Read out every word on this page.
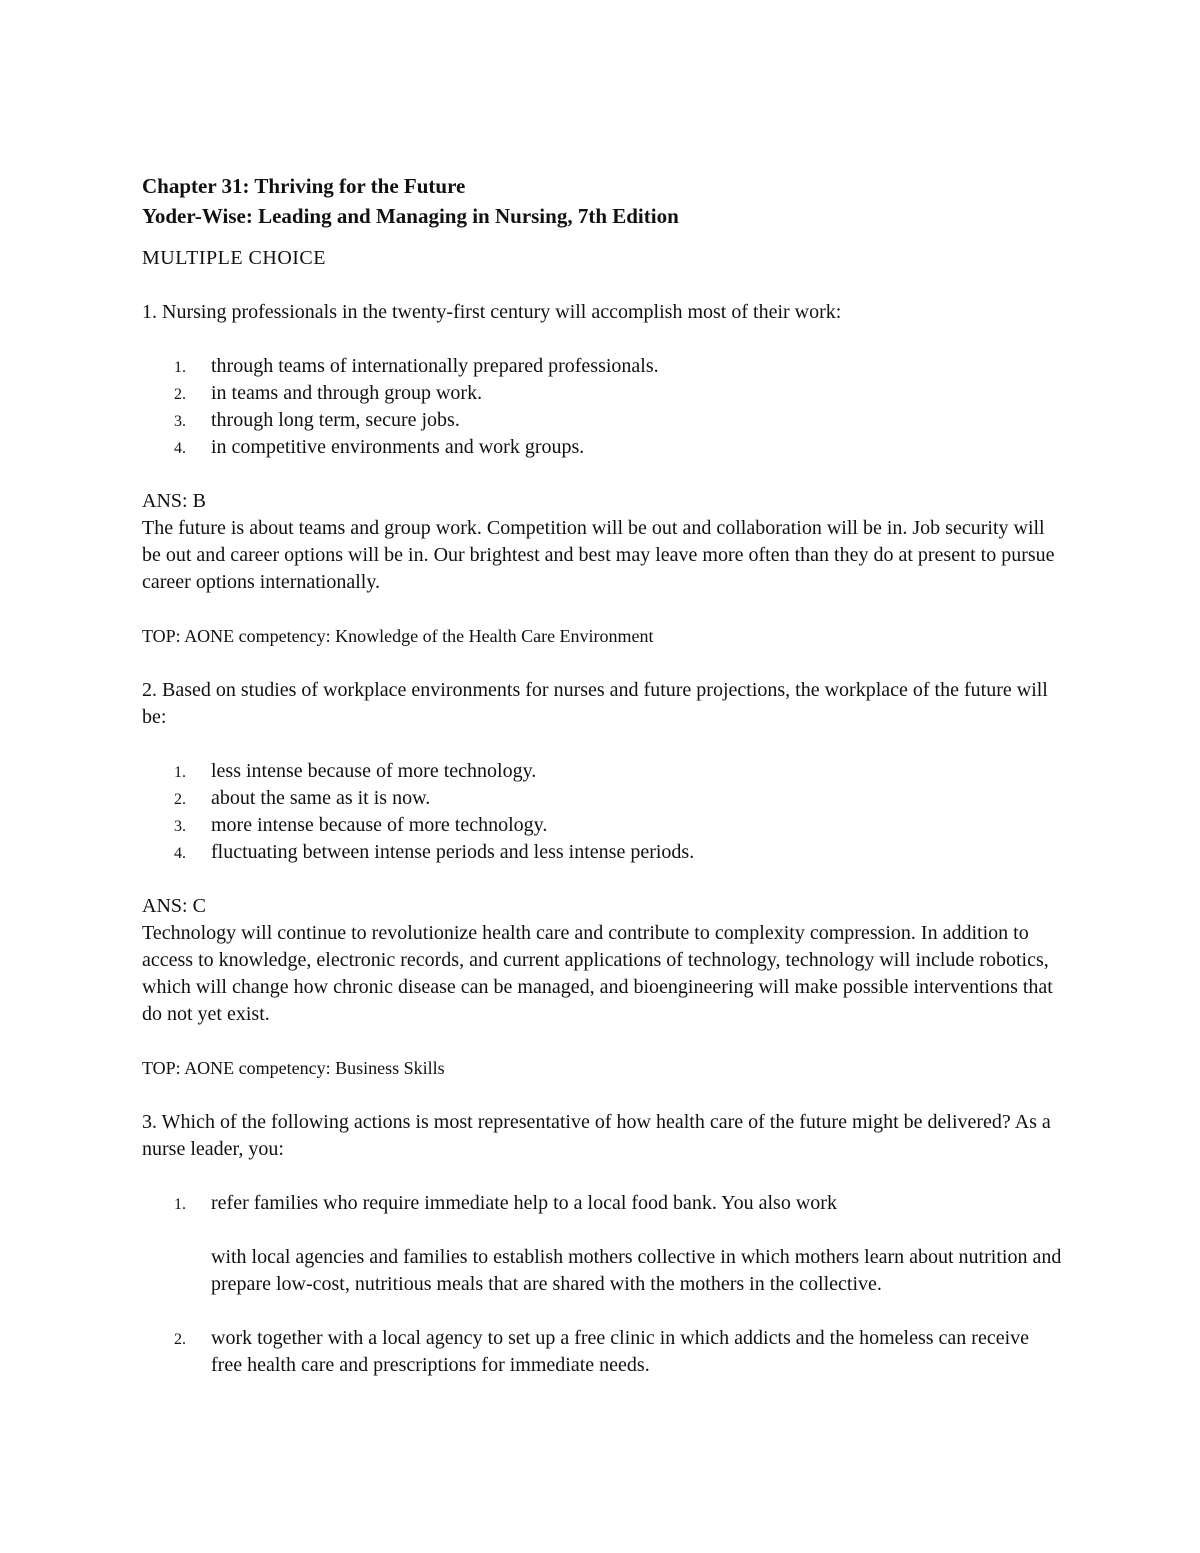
Chapter 31: Thriving for the Future

Yoder-Wise: Leading and Managing in Nursing, 7th Edition

MULTIPLE CHOICE

1. Nursing professionals in the twenty-first century will accomplish most of their work:

1. through teams of internationally prepared professionals.
2. in teams and through group work.
3. through long term, secure jobs.
4. in competitive environments and work groups.

ANS: B

The future is about teams and group work. Competition will be out and collaboration will be in. Job security will be out and career options will be in. Our brightest and best may leave more often than they do at present to pursue career options internationally.

TOP: AONE competency: Knowledge of the Health Care Environment

2. Based on studies of workplace environments for nurses and future projections, the workplace of the future will be:

1. less intense because of more technology.
2. about the same as it is now.
3. more intense because of more technology.
4. fluctuating between intense periods and less intense periods.

ANS: C

Technology will continue to revolutionize health care and contribute to complexity compression. In addition to access to knowledge, electronic records, and current applications of technology, technology will include robotics, which will change how chronic disease can be managed, and bioengineering will make possible interventions that do not yet exist.

TOP: AONE competency: Business Skills

3. Which of the following actions is most representative of how health care of the future might be delivered? As a nurse leader, you:

1. refer families who require immediate help to a local food bank. You also work
with local agencies and families to establish mothers collective in which mothers learn about nutrition and prepare low-cost, nutritious meals that are shared with the mothers in the collective.
2. work together with a local agency to set up a free clinic in which addicts and the homeless can receive free health care and prescriptions for immediate needs.
